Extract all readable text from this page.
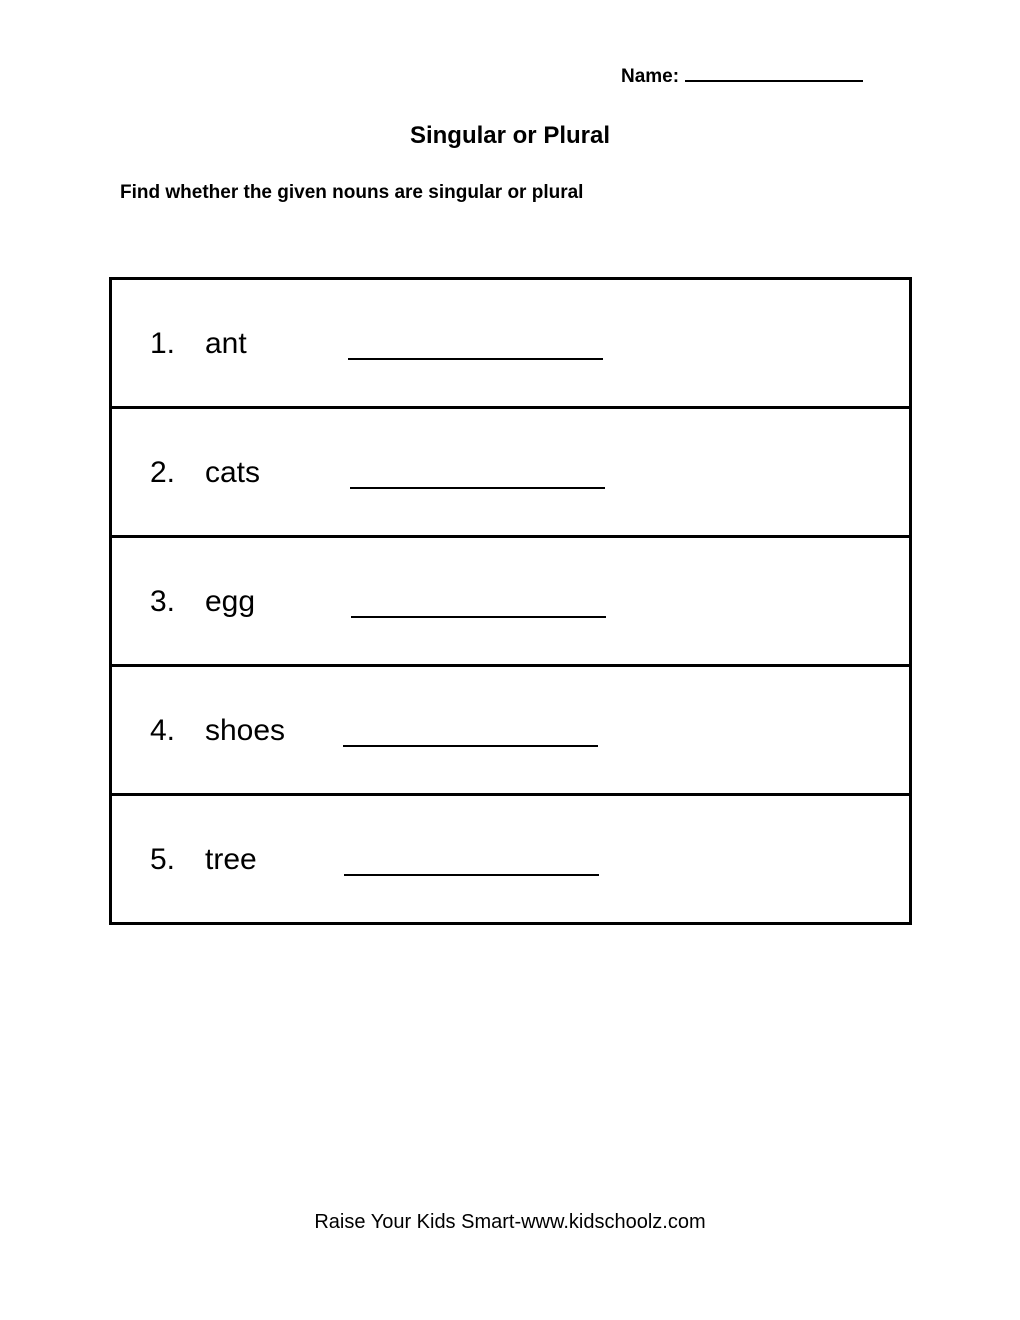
Name:
Singular or Plural
Find whether the given nouns are singular or plural
1. ant
2. cats
3. egg
4. shoes
5. tree
Raise Your Kids Smart-www.kidschoolz.com
